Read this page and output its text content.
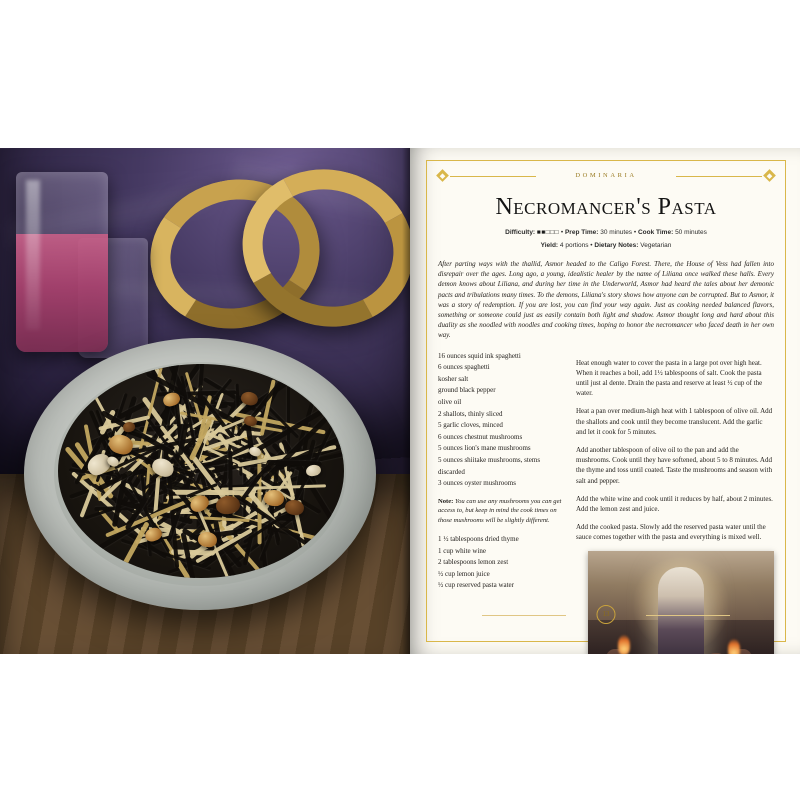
DOMINARIA
Necromancer's Pasta
Difficulty: ■■□□□ • Prep Time: 30 minutes • Cook Time: 50 minutes
Yield: 4 portions • Dietary Notes: Vegetarian
After parting ways with the thallid, Asmor headed to the Caligo Forest. There, the House of Vess had fallen into disrepair over the ages. Long ago, a young, idealistic healer by the name of Liliana once walked these halls. Every demon knows about Liliana, and during her time in the Underworld, Asmor had heard the tales about her demonic pacts and tribulations many times. To the demons, Liliana's story shows how anyone can be corrupted. But to Asmor, it was a story of redemption. If you are lost, you can find your way again. Just as cooking needed balanced flavors, something or someone could just as easily contain both light and shadow. Asmor thought long and hard about this duality as she noodled with noodles and cooking times, hoping to honor the necromancer who faced death in her own way.
16 ounces squid ink spaghetti
6 ounces spaghetti
kosher salt
ground black pepper
olive oil
2 shallots, thinly sliced
5 garlic cloves, minced
6 ounces chestnut mushrooms
5 ounces lion's mane mushrooms
5 ounces shiitake mushrooms, stems discarded
3 ounces oyster mushrooms
Note: You can use any mushrooms you can get access to, but keep in mind the cook times on those mushrooms will be slightly different.
1 ½ tablespoons dried thyme
1 cup white wine
2 tablespoons lemon zest
½ cup lemon juice
½ cup reserved pasta water

Heat enough water to cover the pasta in a large pot over high heat. When it reaches a boil, add 1½ tablespoons of salt. Cook the pasta until just al dente. Drain the pasta and reserve at least ½ cup of the water.

Heat a pan over medium-high heat with 1 tablespoon of olive oil. Add the shallots and cook until they become translucent. Add the garlic and let it cook for 5 minutes.

Add another tablespoon of olive oil to the pan and add the mushrooms. Cook until they have softened, about 5 to 8 minutes. Add the thyme and toss until coated. Taste the mushrooms and season with salt and pepper.

Add the white wine and cook until it reduces by half, about 2 minutes. Add the lemon zest and juice.

Add the cooked pasta. Slowly add the reserved pasta water until the sauce comes together with the pasta and everything is mixed well.

13
